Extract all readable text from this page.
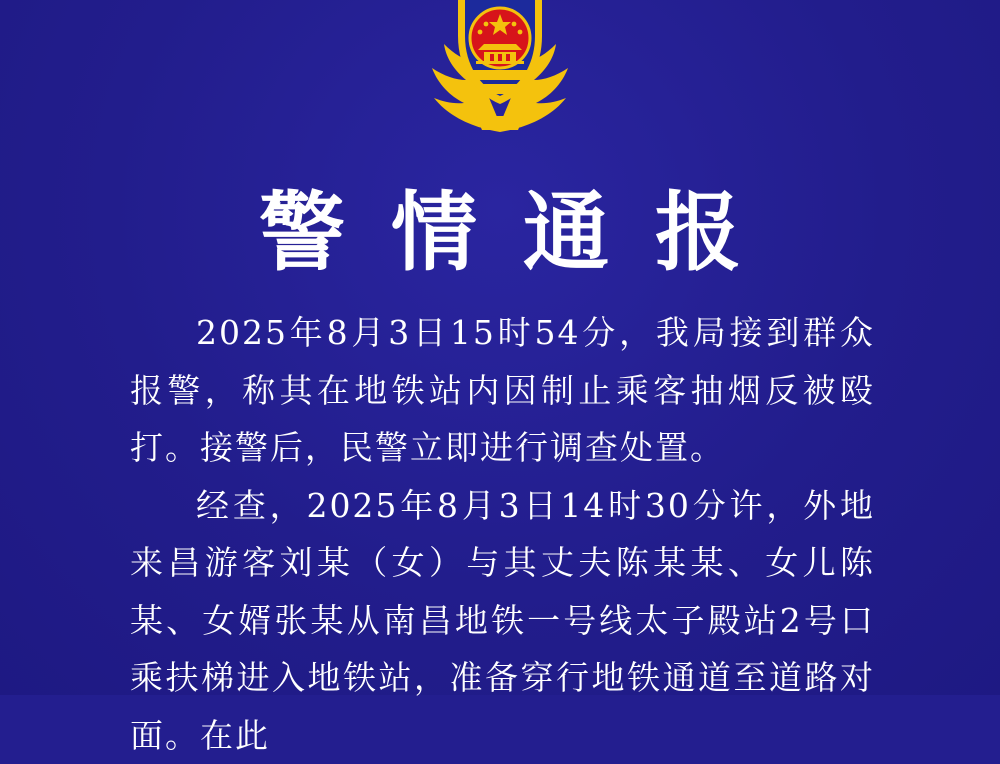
警情通报

2025年8月3日15时54分，我局接到群众报警，称其在地铁站内因制止乘客抽烟反被殴打。接警后，民警立即进行调查处置。

经查，2025年8月3日14时30分许，外地来昌游客刘某（女）与其丈夫陈某某、女儿陈某、女婿张某从南昌地铁一号线太子殿站2号口乘扶梯进入地铁站，准备穿行地铁通道至道路对面。在此
